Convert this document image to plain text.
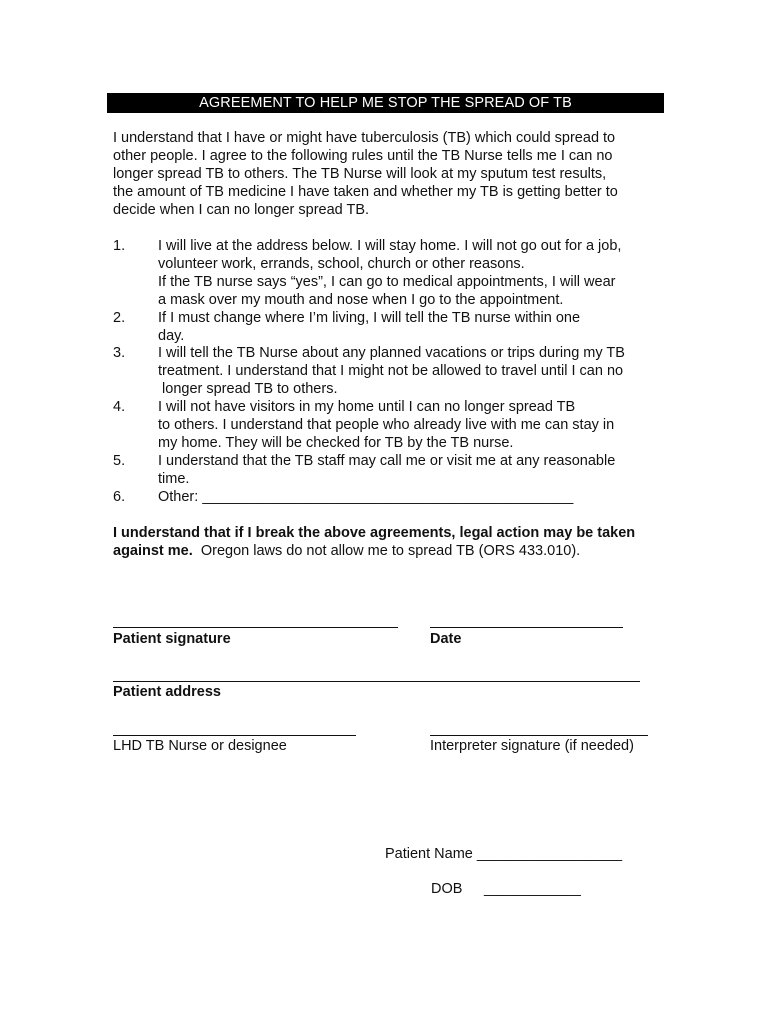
AGREEMENT TO HELP ME STOP THE SPREAD OF TB
I understand that I have or might have tuberculosis (TB) which could spread to
other people. I agree to the following rules until the TB Nurse tells me I can no
longer spread TB to others. The TB Nurse will look at my sputum test results,
the amount of TB medicine I have taken and whether my TB is getting better to
decide when I can no longer spread TB.
1. I will live at the address below. I will stay home. I will not go out for a job,
volunteer work, errands, school, church or other reasons.
If the TB nurse says “yes”, I can go to medical appointments, I will wear
a mask over my mouth and nose when I go to the appointment.
2. If I must change where I’m living, I will tell the TB nurse within one
day.
3. I will tell the TB Nurse about any planned vacations or trips during my TB
treatment. I understand that I might not be allowed to travel until I can no
longer spread TB to others.
4. I will not have visitors in my home until I can no longer spread TB
to others. I understand that people who already live with me can stay in
my home. They will be checked for TB by the TB nurse.
5. I understand that the TB staff may call me or visit me at any reasonable
time.
6. Other: ______________________________________________
I understand that if I break the above agreements, legal action may be taken against me.  Oregon laws do not allow me to spread TB (ORS 433.010).
Patient signature	Date
Patient address
LHD TB Nurse or designee	Interpreter signature (if needed)
Patient Name __________________
DOB ____________
